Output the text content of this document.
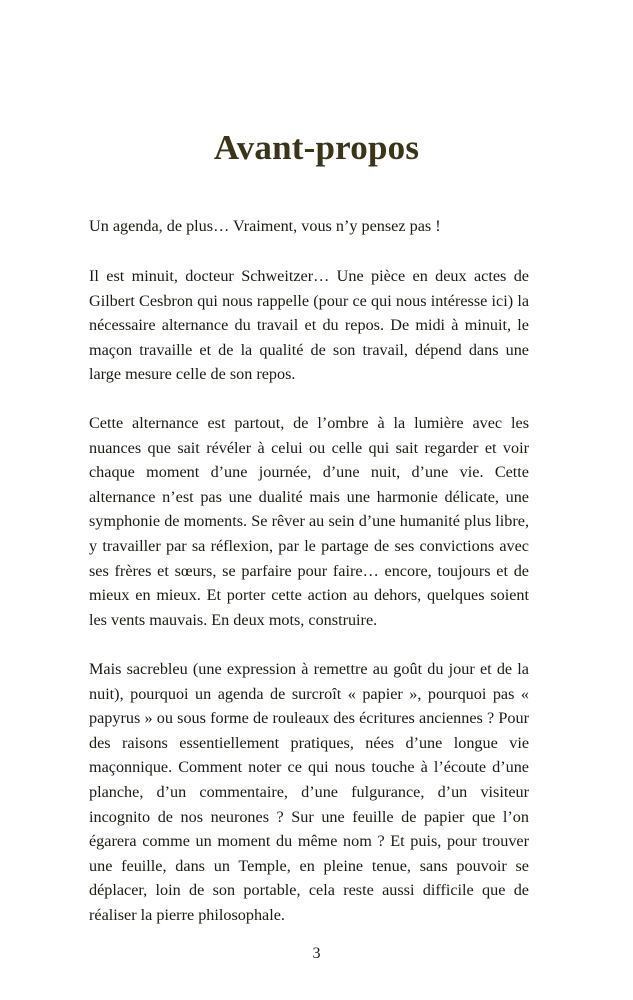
Avant-propos

Un agenda, de plus… Vraiment, vous n’y pensez pas !

Il est minuit, docteur Schweitzer… Une pièce en deux actes de Gilbert Cesbron qui nous rappelle (pour ce qui nous intéresse ici) la nécessaire alternance du travail et du repos. De midi à minuit, le maçon travaille et de la qualité de son travail, dépend dans une large mesure celle de son repos.

Cette alternance est partout, de l’ombre à la lumière avec les nuances que sait révéler à celui ou celle qui sait regarder et voir chaque moment d’une journée, d’une nuit, d’une vie. Cette alternance n’est pas une dualité mais une harmonie délicate, une symphonie de moments. Se rêver au sein d’une humanité plus libre, y travailler par sa réflexion, par le partage de ses convictions avec ses frères et sœurs, se parfaire pour faire… encore, toujours et de mieux en mieux. Et porter cette action au dehors, quelques soient les vents mauvais. En deux mots, construire.

Mais sacrebleu (une expression à remettre au goût du jour et de la nuit), pourquoi un agenda de surcroît « papier », pourquoi pas « papyrus » ou sous forme de rouleaux des écritures anciennes ? Pour des raisons essentiellement pratiques, nées d’une longue vie maçonnique. Comment noter ce qui nous touche à l’écoute d’une planche, d’un commentaire, d’une fulgurance, d’un visiteur incognito de nos neurones ? Sur une feuille de papier que l’on égarera comme un moment du même nom ? Et puis, pour trouver une feuille, dans un Temple, en pleine tenue, sans pouvoir se déplacer, loin de son portable, cela reste aussi difficile que de réaliser la pierre philosophale.

3
